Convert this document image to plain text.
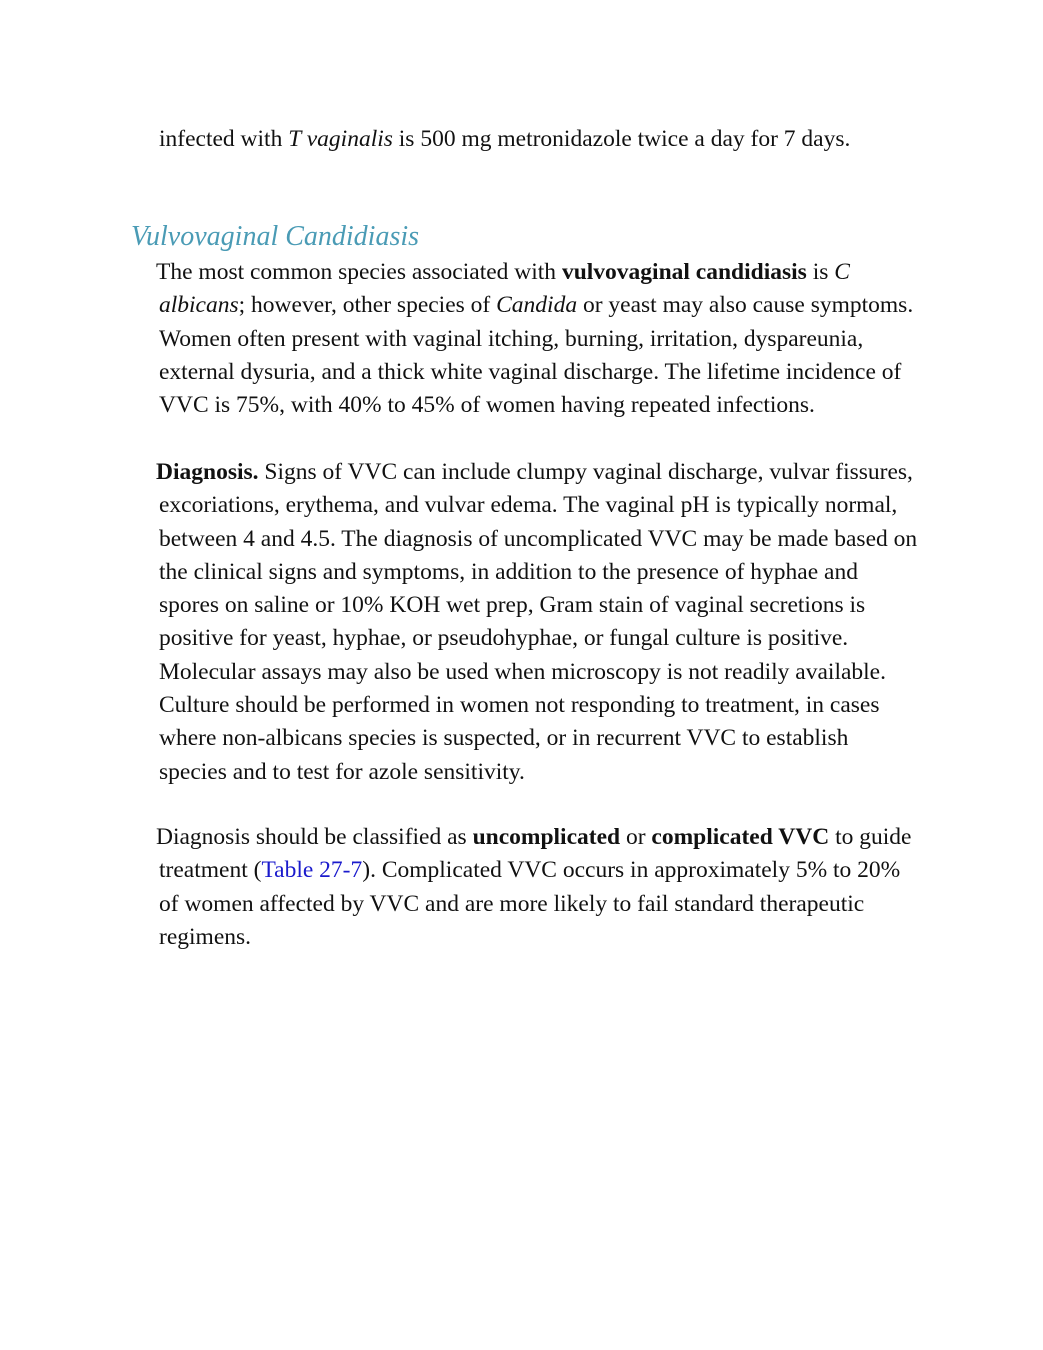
infected with T vaginalis is 500 mg metronidazole twice a day for 7 days.

Vulvovaginal Candidiasis

The most common species associated with vulvovaginal candidiasis is C albicans; however, other species of Candida or yeast may also cause symptoms. Women often present with vaginal itching, burning, irritation, dyspareunia, external dysuria, and a thick white vaginal discharge. The lifetime incidence of VVC is 75%, with 40% to 45% of women having repeated infections.

Diagnosis. Signs of VVC can include clumpy vaginal discharge, vulvar fissures, excoriations, erythema, and vulvar edema. The vaginal pH is typically normal, between 4 and 4.5. The diagnosis of uncomplicated VVC may be made based on the clinical signs and symptoms, in addition to the presence of hyphae and spores on saline or 10% KOH wet prep, Gram stain of vaginal secretions is positive for yeast, hyphae, or pseudohyphae, or fungal culture is positive. Molecular assays may also be used when microscopy is not readily available. Culture should be performed in women not responding to treatment, in cases where non-albicans species is suspected, or in recurrent VVC to establish species and to test for azole sensitivity.

Diagnosis should be classified as uncomplicated or complicated VVC to guide treatment (Table 27-7). Complicated VVC occurs in approximately 5% to 20% of women affected by VVC and are more likely to fail standard therapeutic regimens.
